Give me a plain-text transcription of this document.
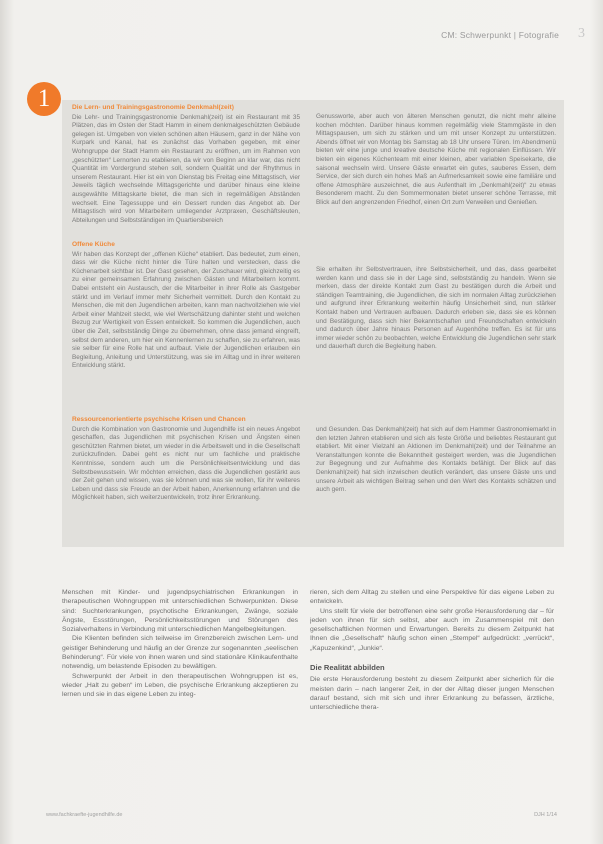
CM: Schwerpunkt | Fotografie 3
1	Die Lern- und Trainingsgastronomie Denkmahl(zeit)

Die Lehr- und Trainingsgastronomie Denkmahl(zeit) ist ein Restaurant mit 35 Plätzen, das im Osten der Stadt Hamm in einem denkmalgeschützten Gebäude gelegen ist. Umgeben von vielen schönen alten Häusern, ganz in der Nähe von Kurpark und Kanal, hat es zunächst das Vorhaben gegeben, mit einer Wohngruppe der Stadt Hamm ein Restaurant zu eröffnen, um im Rahmen von „geschützten“ Lernorten zu etablieren, da wir von Beginn an klar war, das nicht Quantität im Vordergrund stehen soll, sondern Qualität und der Rhythmus in unserem Restaurant. Hier ist ein von Dienstag bis Freitag eine Mittagstisch, vier Jeweils täglich wechselnde Mittagsgerichte und darüber hinaus eine kleine ausgewählte Mittagskarte bietet, die man sich in regelmäßigen Abständen wechselt. Eine Tagessuppe und ein Dessert runden das Angebot ab. Der Mittagstisch wird von Mitarbeitern umliegender Arztpraxen, Geschäftsleuten, Abteilungen und Selbstständigen im Quartiersbereich

Genussworte, aber auch von älteren Menschen genutzt, die nicht mehr alleine kochen möchten. Darüber hinaus kommen regelmäßig viele Stammgäste in den Mittagspausen, um sich zu stärken und um mit unser Konzept zu unterstützen. Abends öffnet wir von Montag bis Samstag ab 18 Uhr unsere Türen. Im Abendmenü bieten wir eine junge und kreative deutsche Küche mit regionalen Einflüssen. Wir bieten ein eigenes Küchenteam mit einer kleinen, aber variablen Speisekarte, die saisonal wechseln wird. Unsere Gäste erwartet ein gutes, sauberes Essen, dem Service, der sich durch ein hohes Maß an Aufmerksamkeit sowie eine familiäre und offene Atmosphäre auszeichnet, die aus Aufenthalt im „Denkmahl(zeit)“ zu etwas Besonderem macht. Zu den Sommermonaten bietet unserer schöne Terrasse, mit Blick auf den angrenzenden Friedhof, einen Ort zum Verweilen und Genießen.

Offene Küche

Wir haben das Konzept der „offenen Küche“ etabliert. Das bedeutet, zum einen, dass wir die Küche nicht hinter die Türe halten und verstecken, dass die Küchenarbeit sichtbar ist. Der Gast gesehen, der Zuschauer wird, gleichzeitig es zu einer gemeinsamen Erfahrung zwischen Gästen und Mitarbeitern kommt. Dabei entsteht ein Austausch, der die Mitarbeiter in ihrer Rolle als Gastgeber stärkt und im Verlauf immer mehr Sicherheit vermittelt. Durch den Kontakt zu Menschen, die mit den Jugendlichen arbeiten, kann man nachvollziehen wie viel Arbeit einer Mahlzeit steckt, wie viel Wertschätzung dahinter steht und welchen Bezug zur Wertigkeit von Essen entwickelt. So kommen die Jugendlichen, auch über die Zeit, selbstständig Dinge zu übernehmen, ohne dass jemand eingreift, selbst dem anderen, um hier ein Kennenlernen zu schaffen, sie zu erfahren, was sie selber für eine Rolle hat und aufbaut. Viele der Jugendlichen erlauben ein Begleitung, Anleitung und Unterstützung, was sie im Alltag und in ihrer weiteren Entwicklung stärkt.

Sie erhalten ihr Selbstvertrauen, ihre Selbstsicherheit, und das, dass gearbeitet werden kann und dass sie in der Lage sind, selbstständig zu handeln. Wenn sie merken, dass der direkte Kontakt zum Gast zu bestätigen durch die Arbeit und ständigen Teamtraining, die Jugendlichen, die sich im normalen Alltag zurückziehen und aufgrund ihrer Erkrankung weiterhin häufig Unsicherheit sind, nun stärker Kontakt haben und Vertrauen aufbauen. Dadurch erleben sie, dass sie es können und Bestätigung, dass sich hier Bekanntschaften und Freundschaften entwickeln und dadurch über Jahre hinaus Personen auf Augenhöhe treffen. Es ist für uns immer wieder schön zu beobachten, welche Entwicklung die Jugendlichen sehr stark und dauerhaft durch die Begleitung haben.

Ressourcenorientierte psychische Krisen und Chancen

Durch die Kombination von Gastronomie und Jugendhilfe ist ein neues Angebot geschaffen, das Jugendlichen mit psychischen Krisen und Ängsten einen geschützten Rahmen bietet, um wieder in die Arbeitswelt und in die Gesellschaft zurückzufinden. Dabei geht es nicht nur um fachliche und praktische Kenntnisse, sondern auch um die Persönlichkeitsentwicklung und das Selbstbewusstsein. Wir möchten erreichen, dass die Jugendlichen gestärkt aus der Zeit gehen und wissen, was sie können und was sie wollen, für ihr weiteres Leben und dass sie Freude an der Arbeit haben, Anerkennung erfahren und die Möglichkeit haben, sich weiterzuentwickeln, trotz ihrer Erkrankung.

und Gesunden. Das Denkmahl(zeit) hat sich auf dem Hammer Gastronomiemarkt in den letzten Jahren etablieren und sich als feste Größe und beliebtes Restaurant gut etabliert. Mit einer Vielzahl an Aktionen im Denkmahl(zeit) und der Teilnahme an Veranstaltungen konnte die Bekanntheit gesteigert werden, was die Jugendlichen zur Begegnung und zur Aufnahme des Kontakts befähigt. Der Blick auf das Denkmahl(zeit) hat sich inzwischen deutlich verändert, das unsere Gäste uns und unsere Arbeit als wichtigen Beitrag sehen und den Wert des Kontakts schätzen und auch gern.

Menschen mit Kinder- und jugendpsychiatrischen Erkrankungen in therapeutischen Wohngruppen mit unterschiedlichen Schwerpunkten. Diese sind: Suchterkrankungen, psychotische Erkrankungen, Zwänge, soziale Ängste, Essstörungen, Persönlichkeitsstörungen und Störungen des Sozialverhaltens in Verbindung mit unterschiedlichen Mangelbegleitungen.

Die Klienten befinden sich teilweise im Grenzbereich zwischen Lern- und geistiger Behinderung und häufig an der Grenze zur sogenannten „seelischen Behinderung“. Für viele von ihnen waren und sind stationäre Klinikaufenthalte notwendig, um belastende Episoden zu bewältigen.

Schwerpunkt der Arbeit in den therapeutischen Wohngruppen ist es, wieder „Halt zu geben“ im Leben, die psychische Erkrankung akzeptieren zu lernen und sie in das eigene Leben zu integ-

rieren, sich dem Alltag zu stellen und eine Perspektive für das eigene Leben zu entwickeln.

Uns stellt für viele der betroffenen eine sehr große Herausforderung dar – für jeden von ihnen für sich selbst, aber auch im Zusammenspiel mit den gesellschaftlichen Normen und Erwartungen. Bereits zu diesem Zeitpunkt hat Ihnen die „Gesellschaft“ häufig schon einen „Stempel“ aufgedrückt: „verrückt“, „Kapuzenkind“, „Junkie“.

Die Realität abbilden

Die erste Herausforderung besteht zu diesem Zeitpunkt aber sicherlich für die meisten darin – nach langerer Zeit, in der der Alltag dieser jungen Menschen darauf bestand, sich mit sich und ihrer Erkrankung zu befassen, ärztliche, unterschiedliche thera-

www.fachkraefte-jugendhilfe.de	DJH 1/14
